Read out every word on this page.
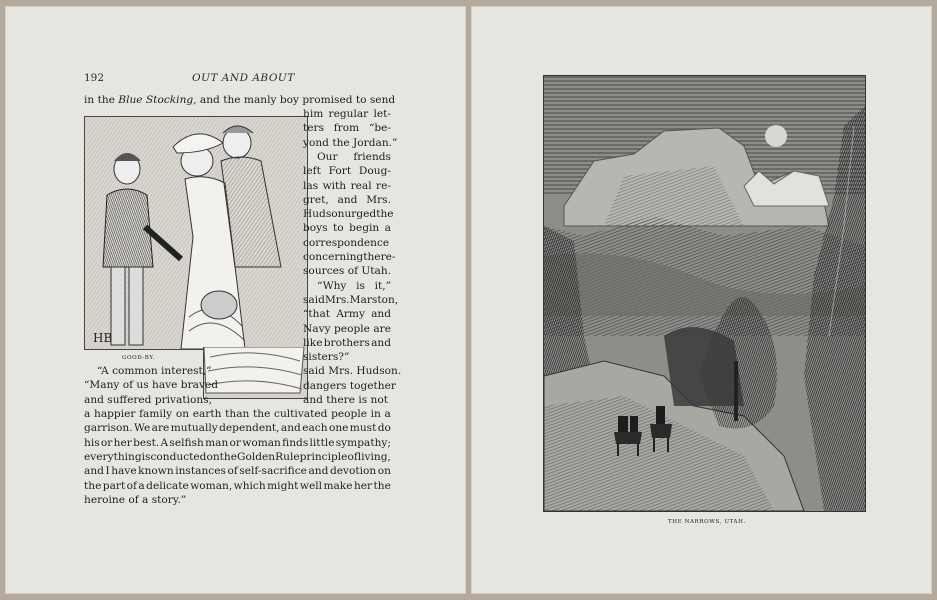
192	OUT AND ABOUT
in the Blue Stocking, and the manly boy promised to send
HB
GOOD-BY.
him regular let-
ters from “be-
yond the Jordan.”
Our friends
left Fort Doug-
las with real re-
gret, and Mrs.
Hudson urged the
boys to begin a
correspondence
concerning the re-
sources of Utah.
“Why is it,”
said Mrs. Marston,
“that Army and
Navy people are
like brothers and
sisters?”
said Mrs. Hudson.
dangers together
and there is not
“A common interest,”
“Many of us have braved
and suffered privations,
a happier family on earth than the cultivated people in a
garrison. We are mutually dependent, and each one must do
his or her best. A selfish man or woman finds little sympathy;
everything is conducted on the Golden Rule principle of living,
and I have known instances of self-sacrifice and devotion on
the part of a delicate woman, which might well make her the
heroine of a story.”
THE NARROWS, UTAH.
